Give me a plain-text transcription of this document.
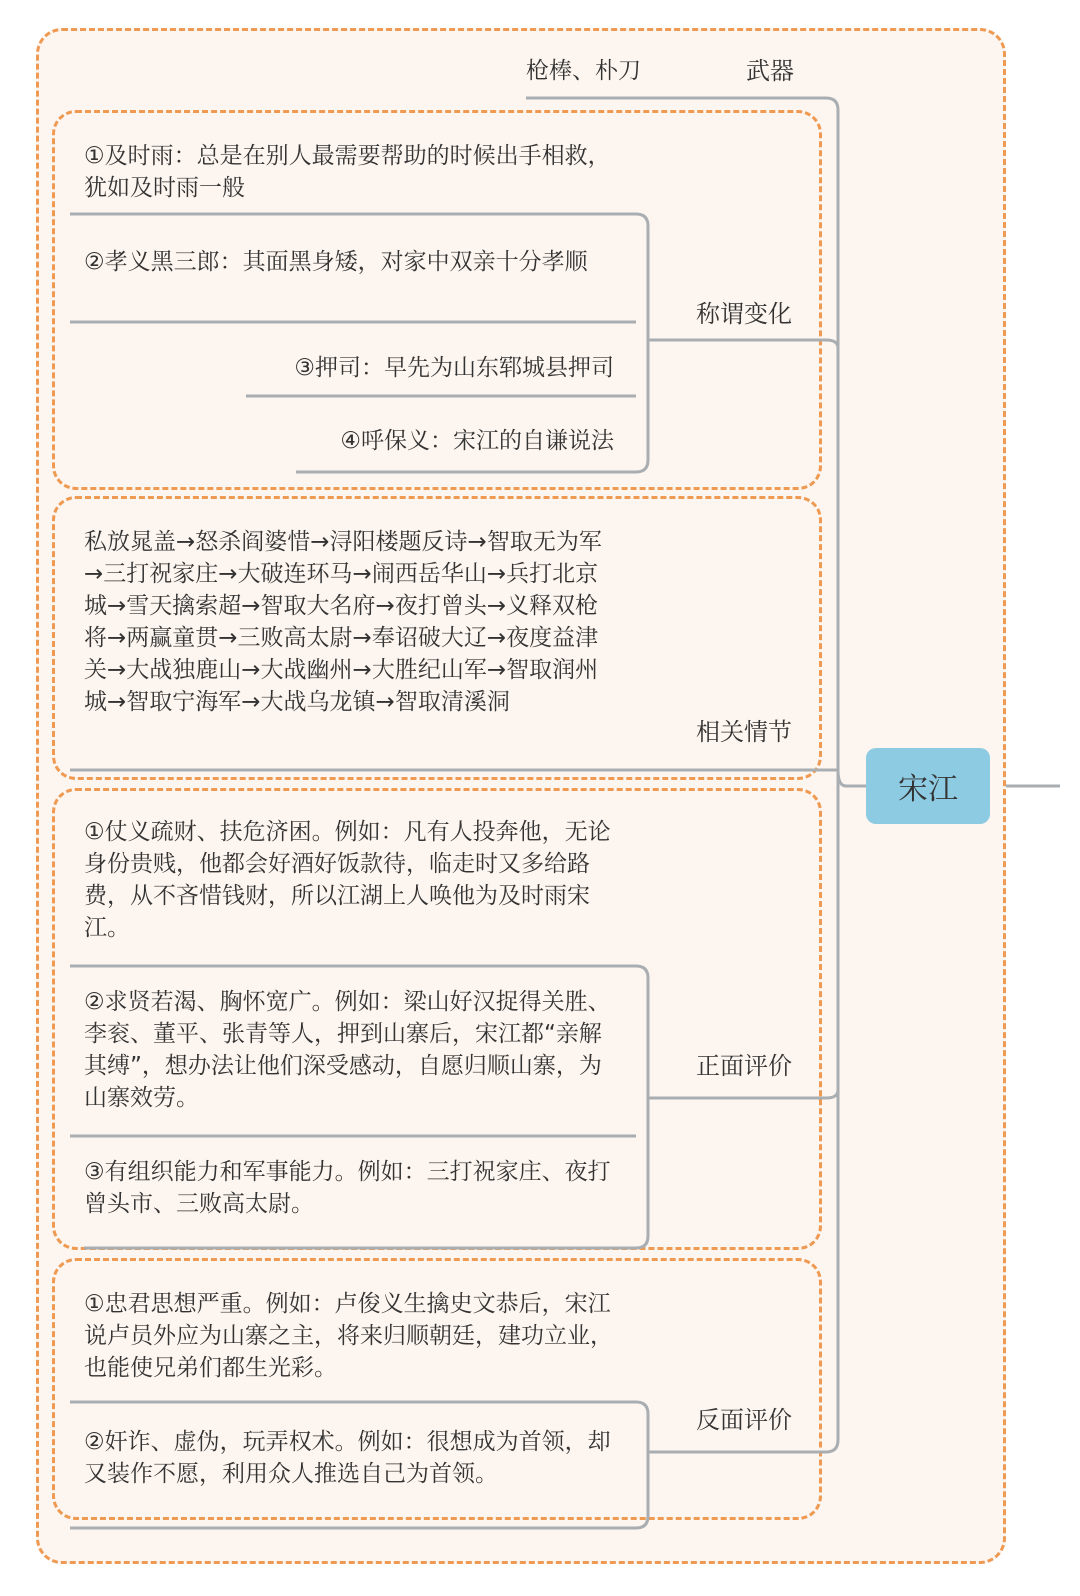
宋江
枪棒、朴刀	武器
称谓变化
①及时雨：总是在别人最需要帮助的时候出手相救，犹如及时雨一般
②孝义黑三郎：其面黑身矮，对家中双亲十分孝顺
③押司：早先为山东郓城县押司
④呼保义：宋江的自谦说法
相关情节
私放晁盖→怒杀阎婆惜→浔阳楼题反诗→智取无为军→三打祝家庄→大破连环马→闹西岳华山→兵打北京城→雪天擒索超→智取大名府→夜打曾头→义释双枪将→两赢童贯→三败高太尉→奉诏破大辽→夜度益津关→大战独鹿山→大战幽州→大胜纪山军→智取润州城→智取宁海军→大战乌龙镇→智取清溪洞
正面评价
①仗义疏财、扶危济困。例如：凡有人投奔他，无论身份贵贱，他都会好酒好饭款待，临走时又多给路费，从不吝惜钱财，所以江湖上人唤他为及时雨宋江。
②求贤若渴、胸怀宽广。例如：梁山好汉捉得关胜、李衮、董平、张青等人，押到山寨后，宋江都“亲解其缚”，想办法让他们深受感动，自愿归顺山寨，为山寨效劳。
③有组织能力和军事能力。例如：三打祝家庄、夜打曾头市、三败高太尉。
反面评价
①忠君思想严重。例如：卢俊义生擒史文恭后，宋江说卢员外应为山寨之主，将来归顺朝廷，建功立业，也能使兄弟们都生光彩。
②奸诈、虚伪，玩弄权术。例如：很想成为首领，却又装作不愿，利用众人推选自己为首领。
